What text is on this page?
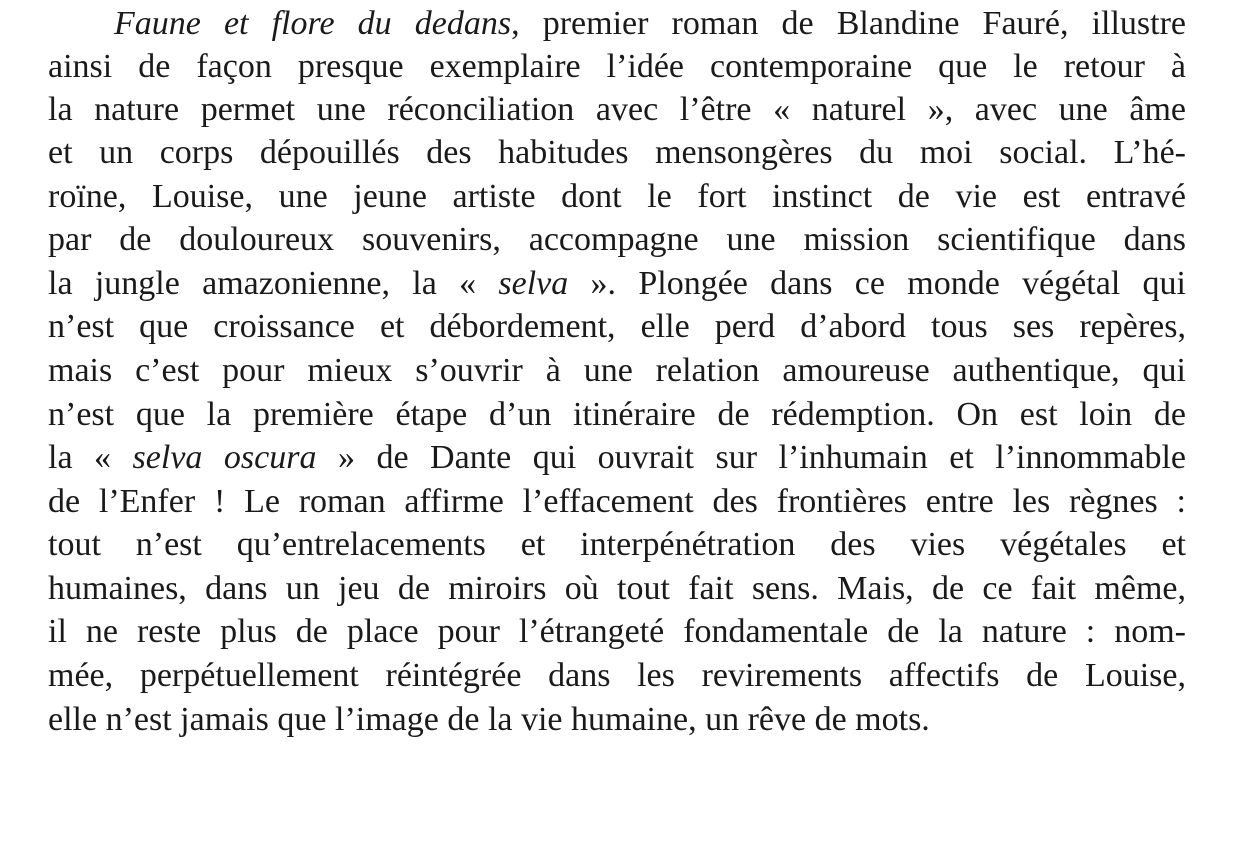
Faune et flore du dedans, premier roman de Blandine Fauré, illustre
ainsi de façon presque exemplaire l’idée contemporaine que le retour à
la nature permet une réconciliation avec l’être « naturel », avec une âme
et un corps dépouillés des habitudes mensongères du moi social. L’hé-
roïne, Louise, une jeune artiste dont le fort instinct de vie est entravé
par de douloureux souvenirs, accompagne une mission scientifique dans
la jungle amazonienne, la « selva ». Plongée dans ce monde végétal qui
n’est que croissance et débordement, elle perd d’abord tous ses repères,
mais c’est pour mieux s’ouvrir à une relation amoureuse authentique, qui
n’est que la première étape d’un itinéraire de rédemption. On est loin de
la « selva oscura » de Dante qui ouvrait sur l’inhumain et l’innommable
de l’Enfer ! Le roman affirme l’effacement des frontières entre les règnes :
tout n’est qu’entrelacements et interpénétration des vies végétales et
humaines, dans un jeu de miroirs où tout fait sens. Mais, de ce fait même,
il ne reste plus de place pour l’étrangeté fondamentale de la nature : nom-
mée, perpétuellement réintégrée dans les revirements affectifs de Louise,
elle n’est jamais que l’image de la vie humaine, un rêve de mots.
